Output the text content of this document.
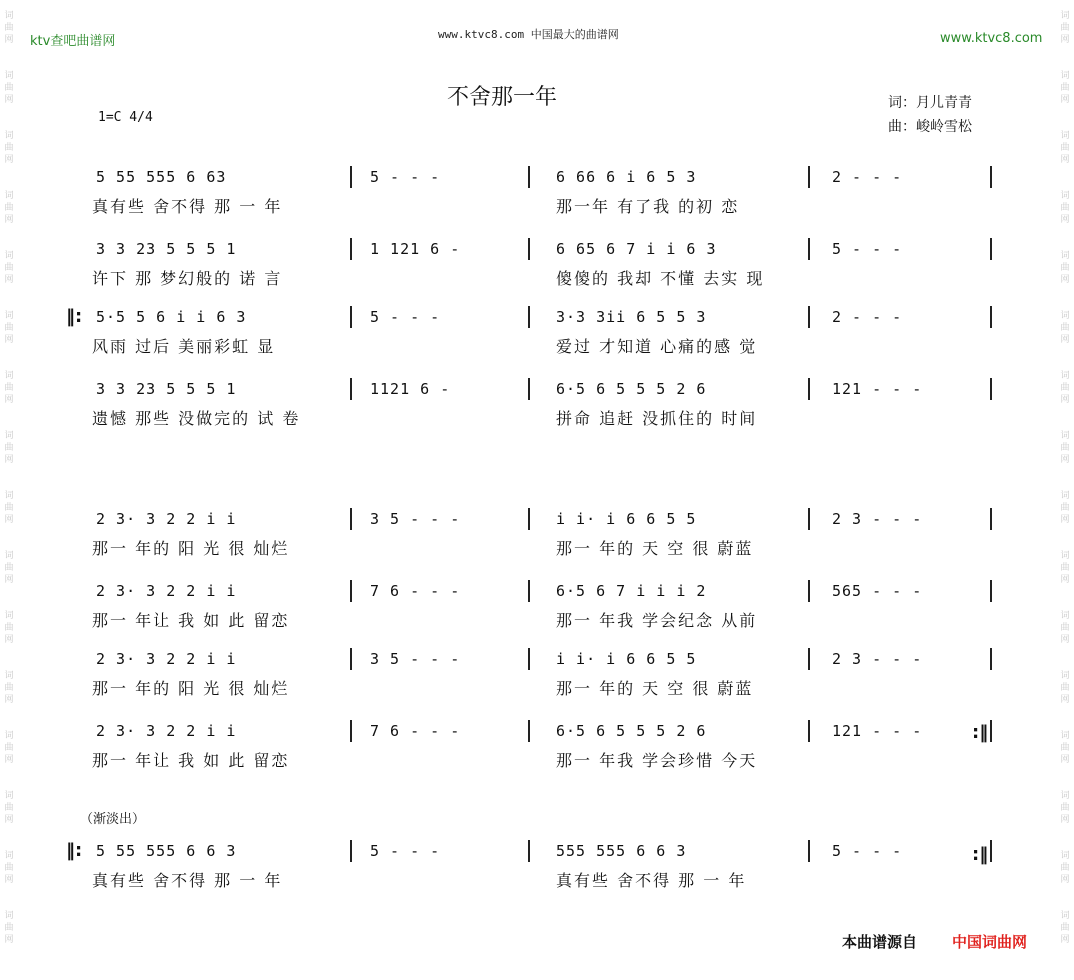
ktv查吧曲谱网	www.ktvc8.com 中国最大的曲谱网	www.ktvc8.com
词曲网
词曲网
词曲网
词曲网
词曲网
词曲网
词曲网
词曲网
词曲网
词曲网
词曲网
词曲网
词曲网
词曲网
词曲网
词曲网
词曲网
词曲网
词曲网
词曲网
词曲网
词曲网
词曲网
词曲网
词曲网
词曲网
词曲网
词曲网
词曲网
词曲网
词曲网
词曲网
不舍那一年	词：月儿青青
曲：峻岭雪松
1=C 4/4
5 55 555 6 63	5 - - -	6 66 6 i 6 5 3	2 - - -
真有些 舍不得 那 一 年	那一年 有了我 的初 恋
3 3 23 5 5 5 1	1 121 6 -	6 65 6 7 i i 6 3	5 - - -
许下 那 梦幻般的 诺 言	傻傻的 我却 不懂 去实 现
5·5 5 6 i i 6 3	5 - - -	3·3 3ii 6 5 5 3	2 - - -
风雨 过后 美丽彩虹 显	爱过 才知道 心痛的感 觉
3 3 23 5 5 5 1	1121 6 -	6·5 6 5 5 5 2 6	121 - - -
遗憾 那些 没做完的 试 卷	拼命 追赶 没抓住的 时间
2 3· 3 2 2 i i	3 5 - - -	i i· i 6 6 5 5	2 3 - - -
那一 年的 阳 光 很 灿烂	那一 年的 天 空 很 蔚蓝
2 3· 3 2 2 i i	7 6 - - -	6·5 6 7 i i i 2	565 - - -
那一 年让 我 如 此 留恋	那一 年我 学会纪念 从前
2 3· 3 2 2 i i	3 5 - - -	i i· i 6 6 5 5	2 3 - - -
那一 年的 阳 光 很 灿烂	那一 年的 天 空 很 蔚蓝
2 3· 3 2 2 i i	7 6 - - -	6·5 6 5 5 5 2 6	121 - - -
那一 年让 我 如 此 留恋	那一 年我 学会珍惜 今天
5 55 555 6 6 3	5 - - -	555 555 6 6 3	5 - - -
真有些 舍不得 那 一 年	真有些 舍不得 那 一 年
‖:
‖:
:‖
:‖
（渐淡出）
本曲谱源自 中国词曲网
